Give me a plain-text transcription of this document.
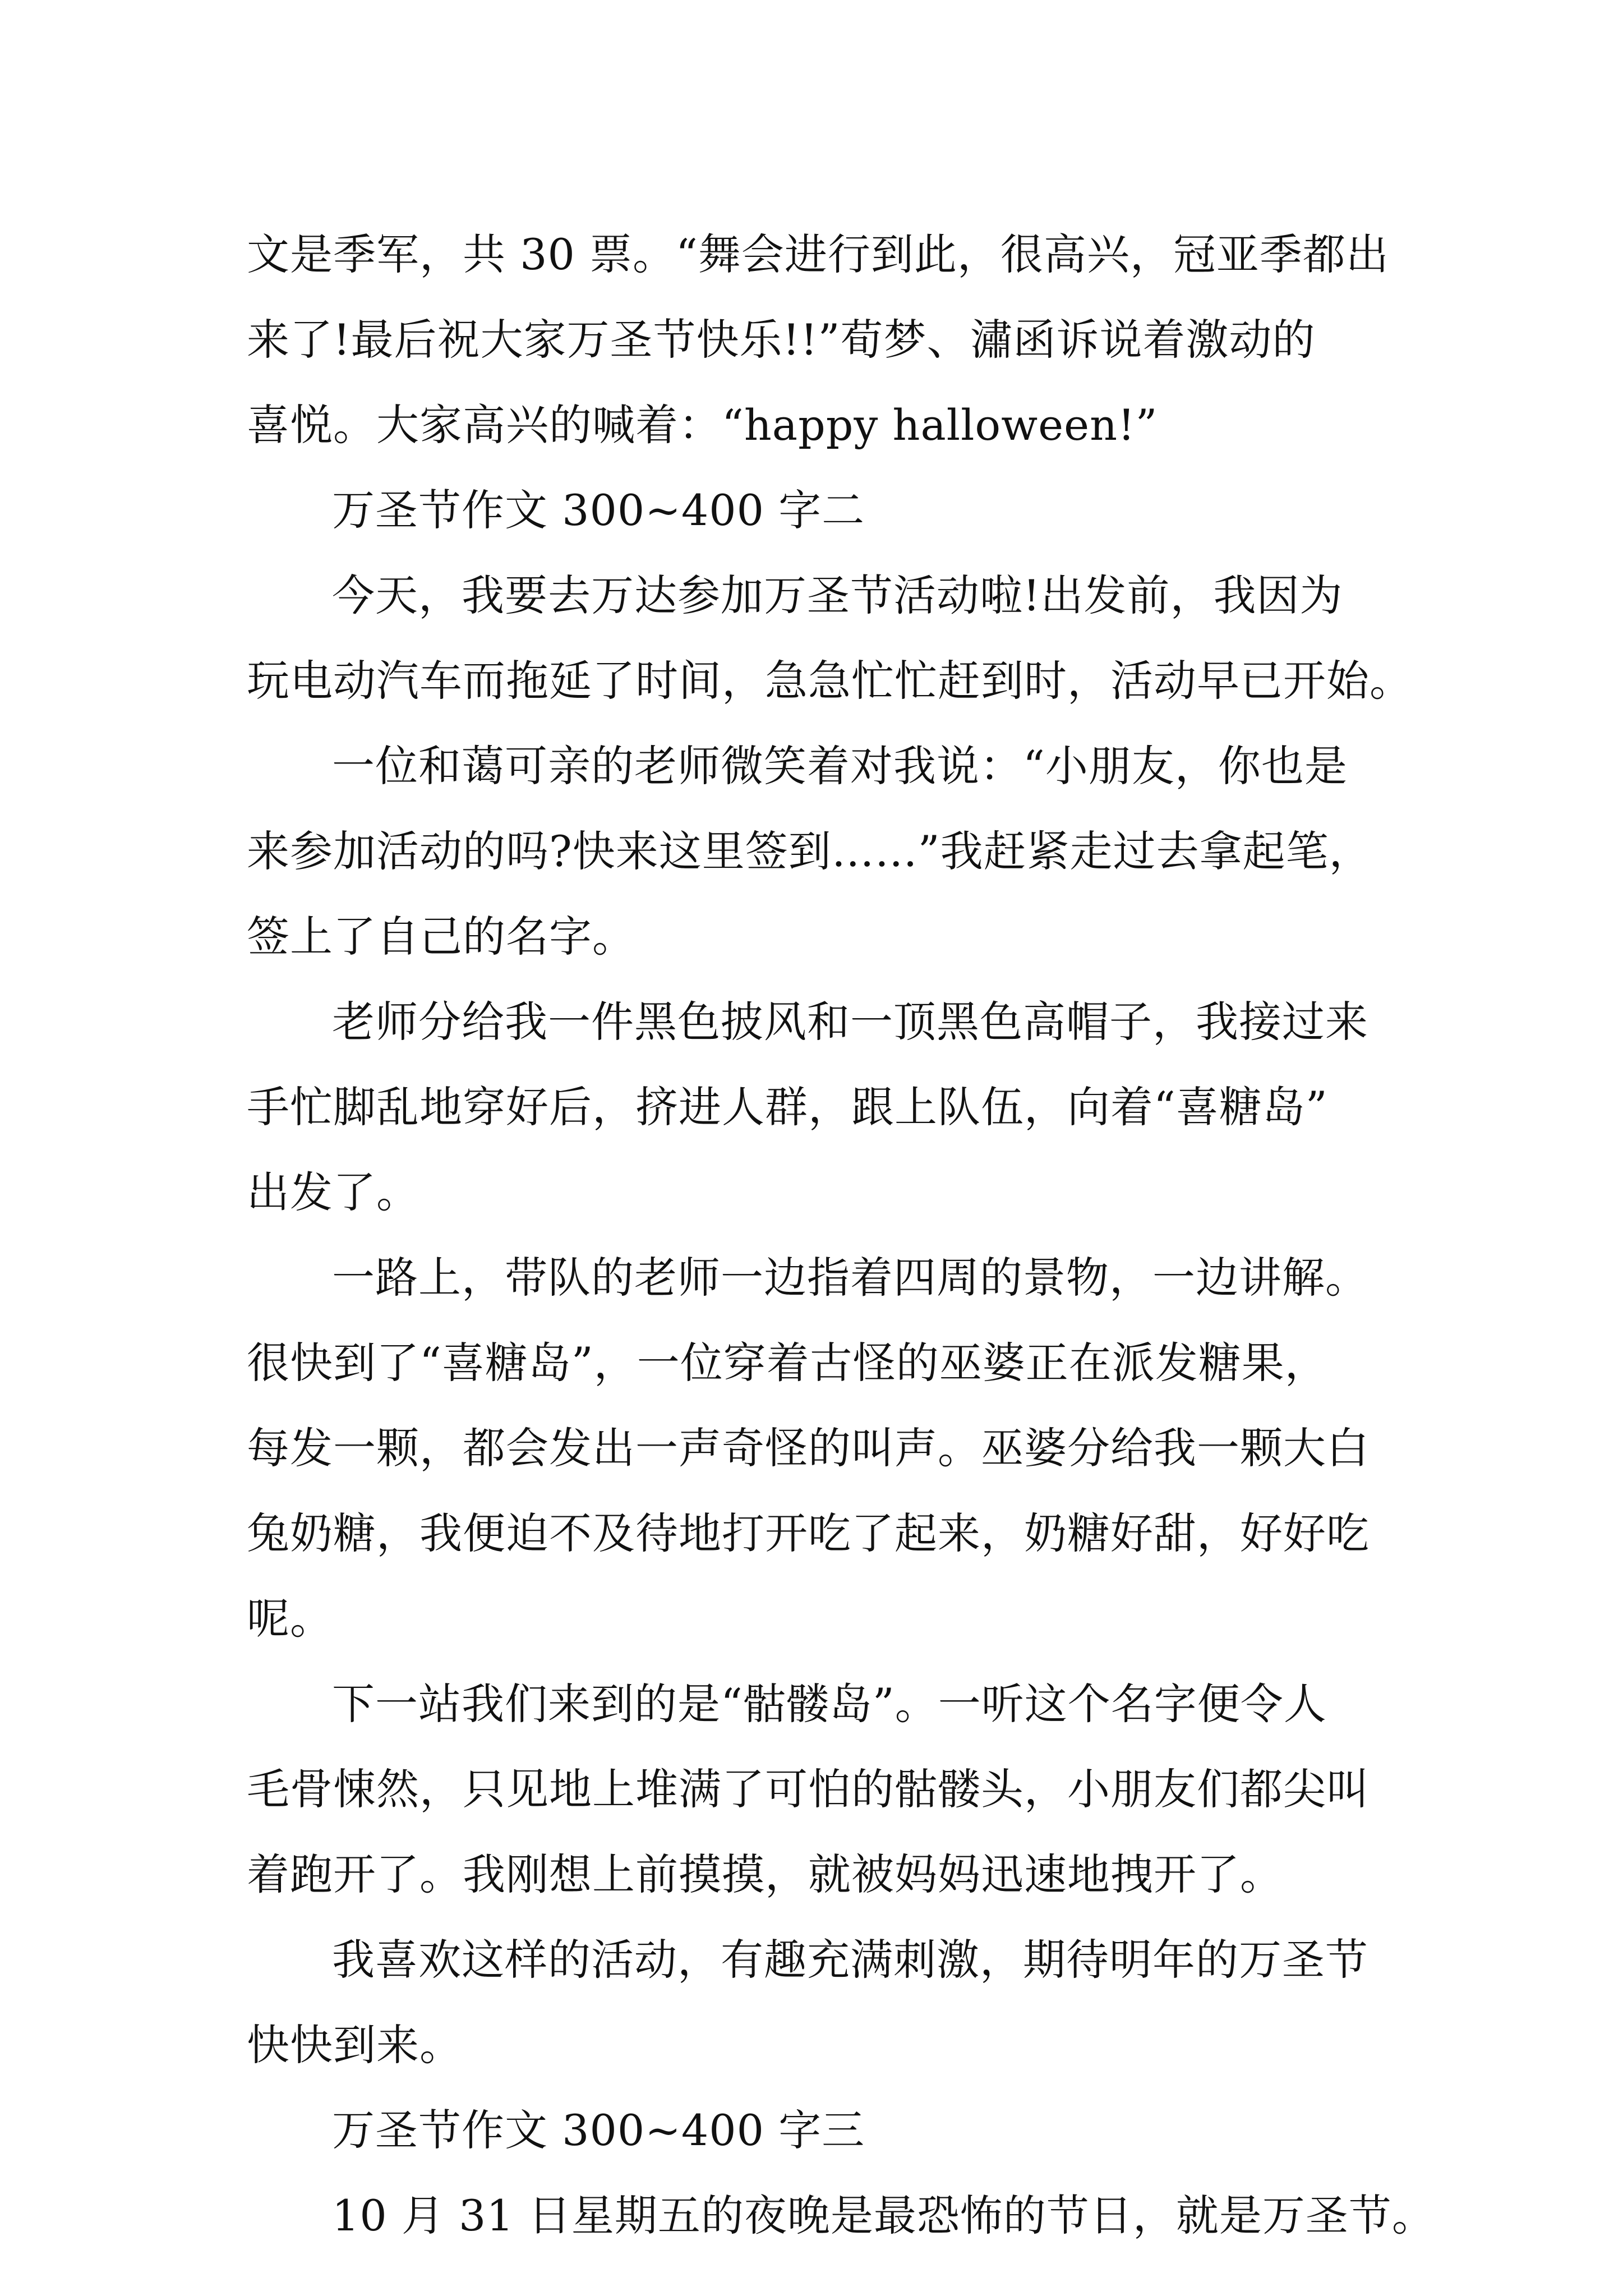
文是季军，共 30 票。“舞会进行到此，很高兴，冠亚季都出
来了!最后祝大家万圣节快乐!!”荀梦、潚函诉说着激动的
喜悦。大家高兴的喊着：“happy halloween!”
万圣节作文 300~400 字二
今天，我要去万达参加万圣节活动啦!出发前，我因为
玩电动汽车而拖延了时间，急急忙忙赶到时，活动早已开始。
一位和蔼可亲的老师微笑着对我说：“小朋友，你也是
来参加活动的吗?快来这里签到……”我赶紧走过去拿起笔，
签上了自己的名字。
老师分给我一件黑色披风和一顶黑色高帽子，我接过来
手忙脚乱地穿好后，挤进人群，跟上队伍，向着“喜糖岛”
出发了。
一路上，带队的老师一边指着四周的景物，一边讲解。
很快到了“喜糖岛”，一位穿着古怪的巫婆正在派发糖果，
每发一颗，都会发出一声奇怪的叫声。巫婆分给我一颗大白
兔奶糖，我便迫不及待地打开吃了起来，奶糖好甜，好好吃
呢。
下一站我们来到的是“骷髅岛”。一听这个名字便令人
毛骨悚然，只见地上堆满了可怕的骷髅头，小朋友们都尖叫
着跑开了。我刚想上前摸摸，就被妈妈迅速地拽开了。
我喜欢这样的活动，有趣充满刺激，期待明年的万圣节
快快到来。
万圣节作文 300~400 字三
10 月 31 日星期五的夜晚是最恐怖的节日，就是万圣节。
